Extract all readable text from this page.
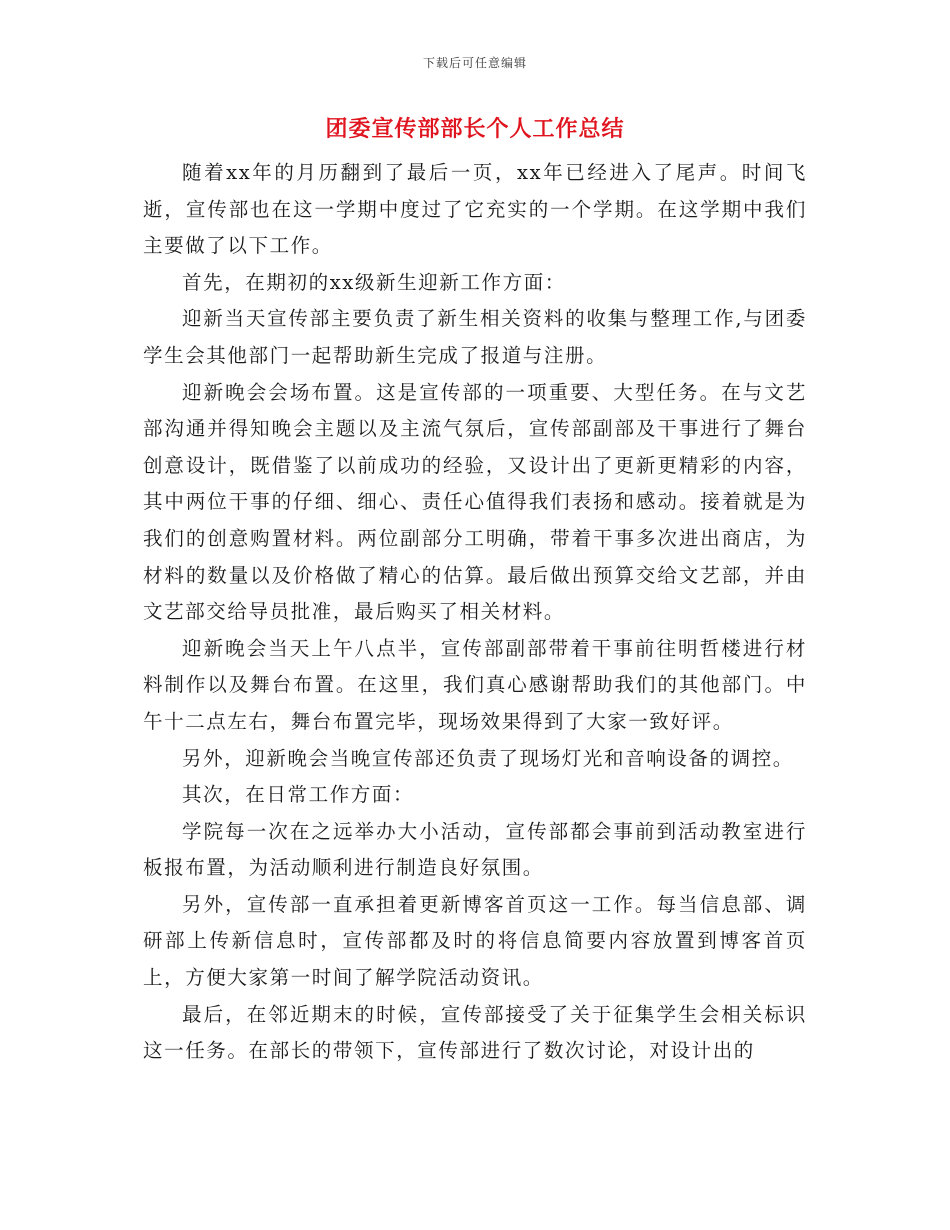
下载后可任意编辑
团委宣传部部长个人工作总结

随着xx年的月历翻到了最后一页，xx年已经进入了尾声。时间飞逝，宣传部也在这一学期中度过了它充实的一个学期。在这学期中我们主要做了以下工作。

首先，在期初的xx级新生迎新工作方面：

迎新当天宣传部主要负责了新生相关资料的收集与整理工作,与团委学生会其他部门一起帮助新生完成了报道与注册。

迎新晚会会场布置。这是宣传部的一项重要、大型任务。在与文艺部沟通并得知晚会主题以及主流气氛后，宣传部副部及干事进行了舞台创意设计，既借鉴了以前成功的经验，又设计出了更新更精彩的内容，其中两位干事的仔细、细心、责任心值得我们表扬和感动。接着就是为我们的创意购置材料。两位副部分工明确，带着干事多次进出商店，为材料的数量以及价格做了精心的估算。最后做出预算交给文艺部，并由文艺部交给导员批准，最后购买了相关材料。

迎新晚会当天上午八点半，宣传部副部带着干事前往明哲楼进行材料制作以及舞台布置。在这里，我们真心感谢帮助我们的其他部门。中午十二点左右，舞台布置完毕，现场效果得到了大家一致好评。

另外，迎新晚会当晚宣传部还负责了现场灯光和音响设备的调控。

其次，在日常工作方面：

学院每一次在之远举办大小活动，宣传部都会事前到活动教室进行板报布置，为活动顺利进行制造良好氛围。

另外，宣传部一直承担着更新博客首页这一工作。每当信息部、调研部上传新信息时，宣传部都及时的将信息简要内容放置到博客首页上，方便大家第一时间了解学院活动资讯。

最后，在邻近期末的时候，宣传部接受了关于征集学生会相关标识这一任务。在部长的带领下，宣传部进行了数次讨论，对设计出的
